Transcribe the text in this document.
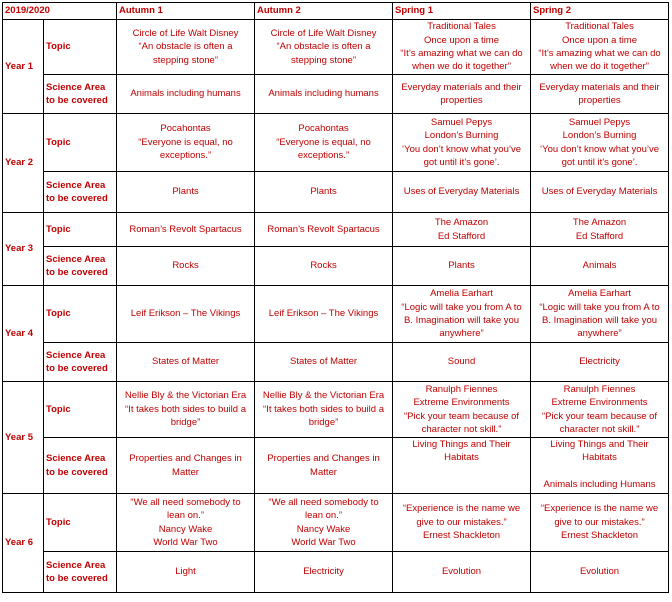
2019/2020		Autumn 1	Autumn 2	Spring 1	Spring 2
Year 1	Topic	Circle of Life Walt Disney
“An obstacle is often a
stepping stone”	Circle of Life Walt Disney
“An obstacle is often a
stepping stone”	Traditional Tales
Once upon a time
“It’s amazing what we can do
when we do it together”	Traditional Tales
Once upon a time
“It’s amazing what we can do
when we do it together”

	Science Area
to be covered	Animals including humans	Animals including humans	Everyday materials and their
properties	Everyday materials and their
properties

Year 2	Topic	Pocahontas
“Everyone is equal, no
exceptions.”	Pocahontas
“Everyone is equal, no
exceptions.”	Samuel Pepys
London’s Burning
‘You don’t know what you’ve
got until it’s gone’.	Samuel Pepys
London’s Burning
‘You don’t know what you’ve
got until it’s gone’.

	Science Area
to be covered	Plants	Plants	Uses of Everyday Materials	Uses of Everyday Materials

Year 3	Topic	Roman’s Revolt Spartacus	Roman’s Revolt Spartacus	The Amazon
Ed Stafford	The Amazon
Ed Stafford

	Science Area
to be covered	Rocks	Rocks	Plants	Animals

Year 4	Topic	Leif Erikson – The Vikings	Leif Erikson – The Vikings	Amelia Earhart
“Logic will take you from A to
B. Imagination will take you
anywhere”	Amelia Earhart
“Logic will take you from A to
B. Imagination will take you
anywhere”

	Science Area
to be covered	States of Matter	States of Matter	Sound	Electricity

Year 5	Topic	Nellie Bly & the Victorian Era
“It takes both sides to build a
bridge”	Nellie Bly & the Victorian Era
“It takes both sides to build a
bridge”	Ranulph Fiennes
Extreme Environments
“Pick your team because of
character not skill.”	Ranulph Fiennes
Extreme Environments
“Pick your team because of
character not skill.”

	Science Area
to be covered	Properties and Changes in
Matter	Properties and Changes in
Matter	Living Things and Their
Habitats	Living Things and Their
Habitats
Animals including Humans

Year 6	Topic	“We all need somebody to
lean on.”
Nancy Wake
World War Two	“We all need somebody to
lean on.”
Nancy Wake
World War Two	“Experience is the name we
give to our mistakes.”
Ernest Shackleton	“Experience is the name we
give to our mistakes.”
Ernest Shackleton

	Science Area
to be covered	Light	Electricity	Evolution	Evolution
